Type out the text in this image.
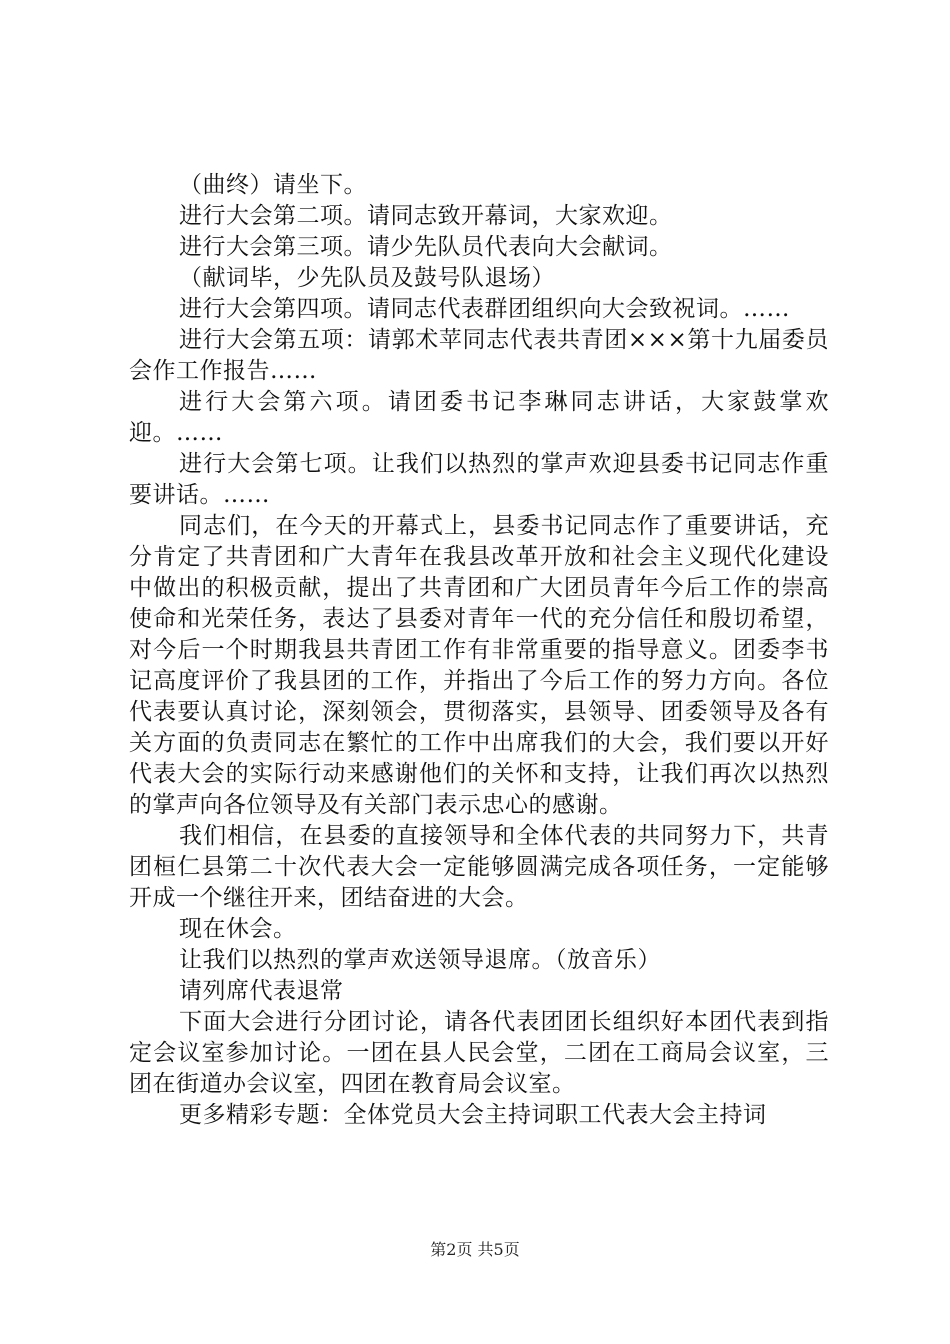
（曲终）请坐下。

进行大会第二项。请同志致开幕词，大家欢迎。

进行大会第三项。请少先队员代表向大会献词。

（献词毕，少先队员及鼓号队退场）

进行大会第四项。请同志代表群团组织向大会致祝词。……

进行大会第五项：请郭术苹同志代表共青团×××第十九届委员会作工作报告……

进行大会第六项。请团委书记李琳同志讲话，大家鼓掌欢迎。……

进行大会第七项。让我们以热烈的掌声欢迎县委书记同志作重要讲话。……

同志们，在今天的开幕式上，县委书记同志作了重要讲话，充分肯定了共青团和广大青年在我县改革开放和社会主义现代化建设中做出的积极贡献，提出了共青团和广大团员青年今后工作的崇高使命和光荣任务，表达了县委对青年一代的充分信任和殷切希望，对今后一个时期我县共青团工作有非常重要的指导意义。团委李书记高度评价了我县团的工作，并指出了今后工作的努力方向。各位代表要认真讨论，深刻领会，贯彻落实，县领导、团委领导及各有关方面的负责同志在繁忙的工作中出席我们的大会，我们要以开好代表大会的实际行动来感谢他们的关怀和支持，让我们再次以热烈的掌声向各位领导及有关部门表示忠心的感谢。

我们相信，在县委的直接领导和全体代表的共同努力下，共青团桓仁县第二十次代表大会一定能够圆满完成各项任务，一定能够开成一个继往开来，团结奋进的大会。

现在休会。

让我们以热烈的掌声欢送领导退席。（放音乐）

请列席代表退常

下面大会进行分团讨论，请各代表团团长组织好本团代表到指定会议室参加讨论。一团在县人民会堂，二团在工商局会议室，三团在街道办会议室，四团在教育局会议室。

更多精彩专题：全体党员大会主持词职工代表大会主持词

第2页 共5页
